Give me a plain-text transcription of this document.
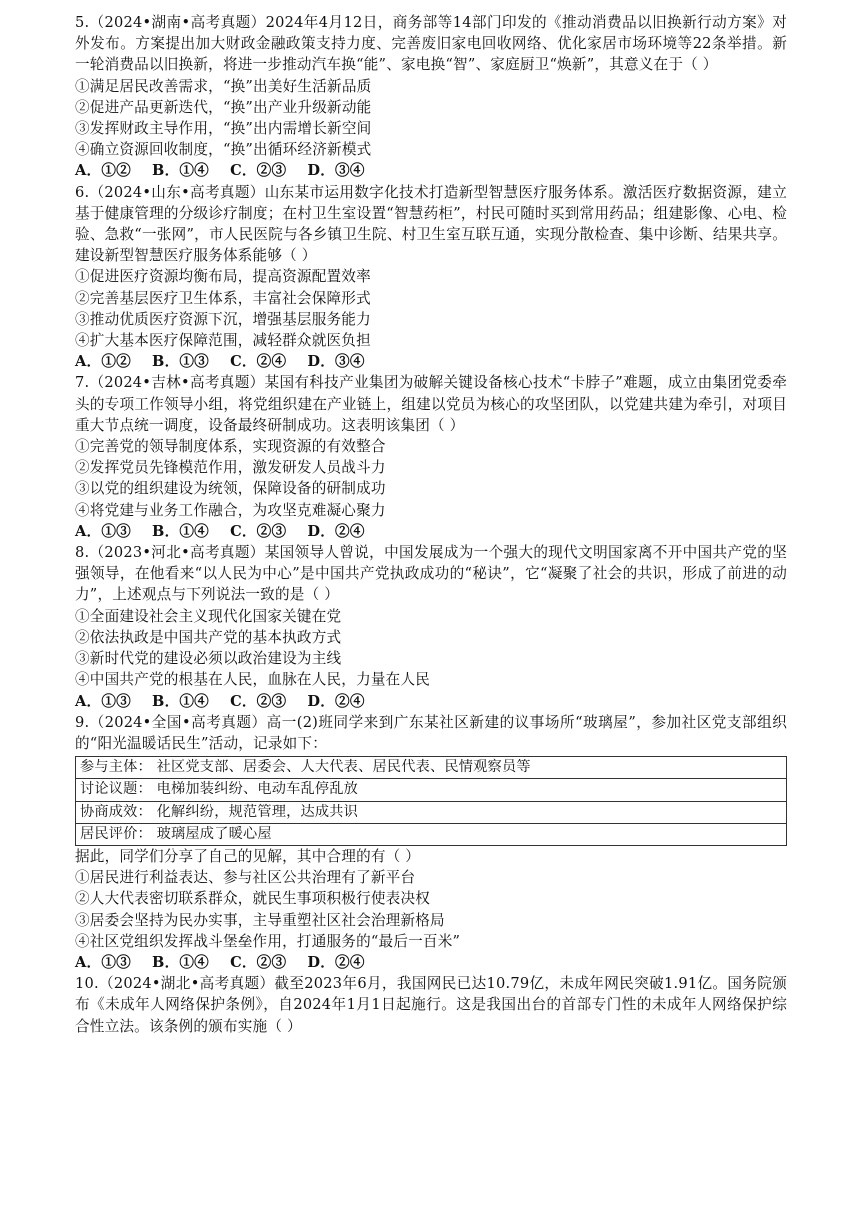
5.（2024•湖南•高考真题）2024年4月12日，商务部等14部门印发的《推动消费品以旧换新行动方案》对外发布。方案提出加大财政金融政策支持力度、完善废旧家电回收网络、优化家居市场环境等22条举措。新一轮消费品以旧换新，将进一步推动汽车换“能”、家电换“智”、家庭厨卫“焕新”，其意义在于（ ）
①满足居民改善需求，“换”出美好生活新品质
②促进产品更新迭代，“换”出产业升级新动能
③发挥财政主导作用，“换”出内需增长新空间
④确立资源回收制度，“换”出循环经济新模式
A．①② B．①④ C．②③ D．③④
6.（2024•山东•高考真题）山东某市运用数字化技术打造新型智慧医疗服务体系。激活医疗数据资源，建立基于健康管理的分级诊疗制度；在村卫生室设置“智慧药柜”，村民可随时买到常用药品；组建影像、心电、检验、急救“一张网”，市人民医院与各乡镇卫生院、村卫生室互联互通，实现分散检查、集中诊断、结果共享。建设新型智慧医疗服务体系能够（ ）
①促进医疗资源均衡布局，提高资源配置效率
②完善基层医疗卫生体系，丰富社会保障形式
③推动优质医疗资源下沉，增强基层服务能力
④扩大基本医疗保障范围，减轻群众就医负担
A．①② B．①③ C．②④ D．③④
7.（2024•吉林•高考真题）某国有科技产业集团为破解关键设备核心技术“卡脖子”难题，成立由集团党委牵头的专项工作领导小组，将党组织建在产业链上，组建以党员为核心的攻坚团队，以党建共建为牵引，对项目重大节点统一调度，设备最终研制成功。这表明该集团（ ）
①完善党的领导制度体系，实现资源的有效整合
②发挥党员先锋模范作用，激发研发人员战斗力
③以党的组织建设为统领，保障设备的研制成功
④将党建与业务工作融合，为攻坚克难凝心聚力
A．①③ B．①④ C．②③ D．②④
8.（2023•河北•高考真题）某国领导人曾说，中国发展成为一个强大的现代文明国家离不开中国共产党的坚强领导，在他看来“以人民为中心”是中国共产党执政成功的“秘诀”，它“凝聚了社会的共识，形成了前进的动力”，上述观点与下列说法一致的是（ ）
①全面建设社会主义现代化国家关键在党
②依法执政是中国共产党的基本执政方式
③新时代党的建设必须以政治建设为主线
④中国共产党的根基在人民，血脉在人民，力量在人民
A．①③ B．①④ C．②③ D．②④
9.（2024•全国•高考真题）高一(2)班同学来到广东某社区新建的议事场所“玻璃屋”，参加社区党支部组织的“阳光温暖话民生”活动，记录如下：
参与主体： 社区党支部、居委会、人大代表、居民代表、民情观察员等
讨论议题： 电梯加装纠纷、电动车乱停乱放
协商成效： 化解纠纷，规范管理，达成共识
居民评价： 玻璃屋成了暖心屋
据此，同学们分享了自己的见解，其中合理的有（ ）
①居民进行利益表达、参与社区公共治理有了新平台
②人大代表密切联系群众，就民生事项积极行使表决权
③居委会坚持为民办实事，主导重塑社区社会治理新格局
④社区党组织发挥战斗堡垒作用，打通服务的“最后一百米”
A．①③ B．①④ C．②③ D．②④
10.（2024•湖北•高考真题）截至2023年6月，我国网民已达10.79亿，未成年网民突破1.91亿。国务院颁布《未成年人网络保护条例》，自2024年1月1日起施行。这是我国出台的首部专门性的未成年人网络保护综合性立法。该条例的颁布实施（ ）
